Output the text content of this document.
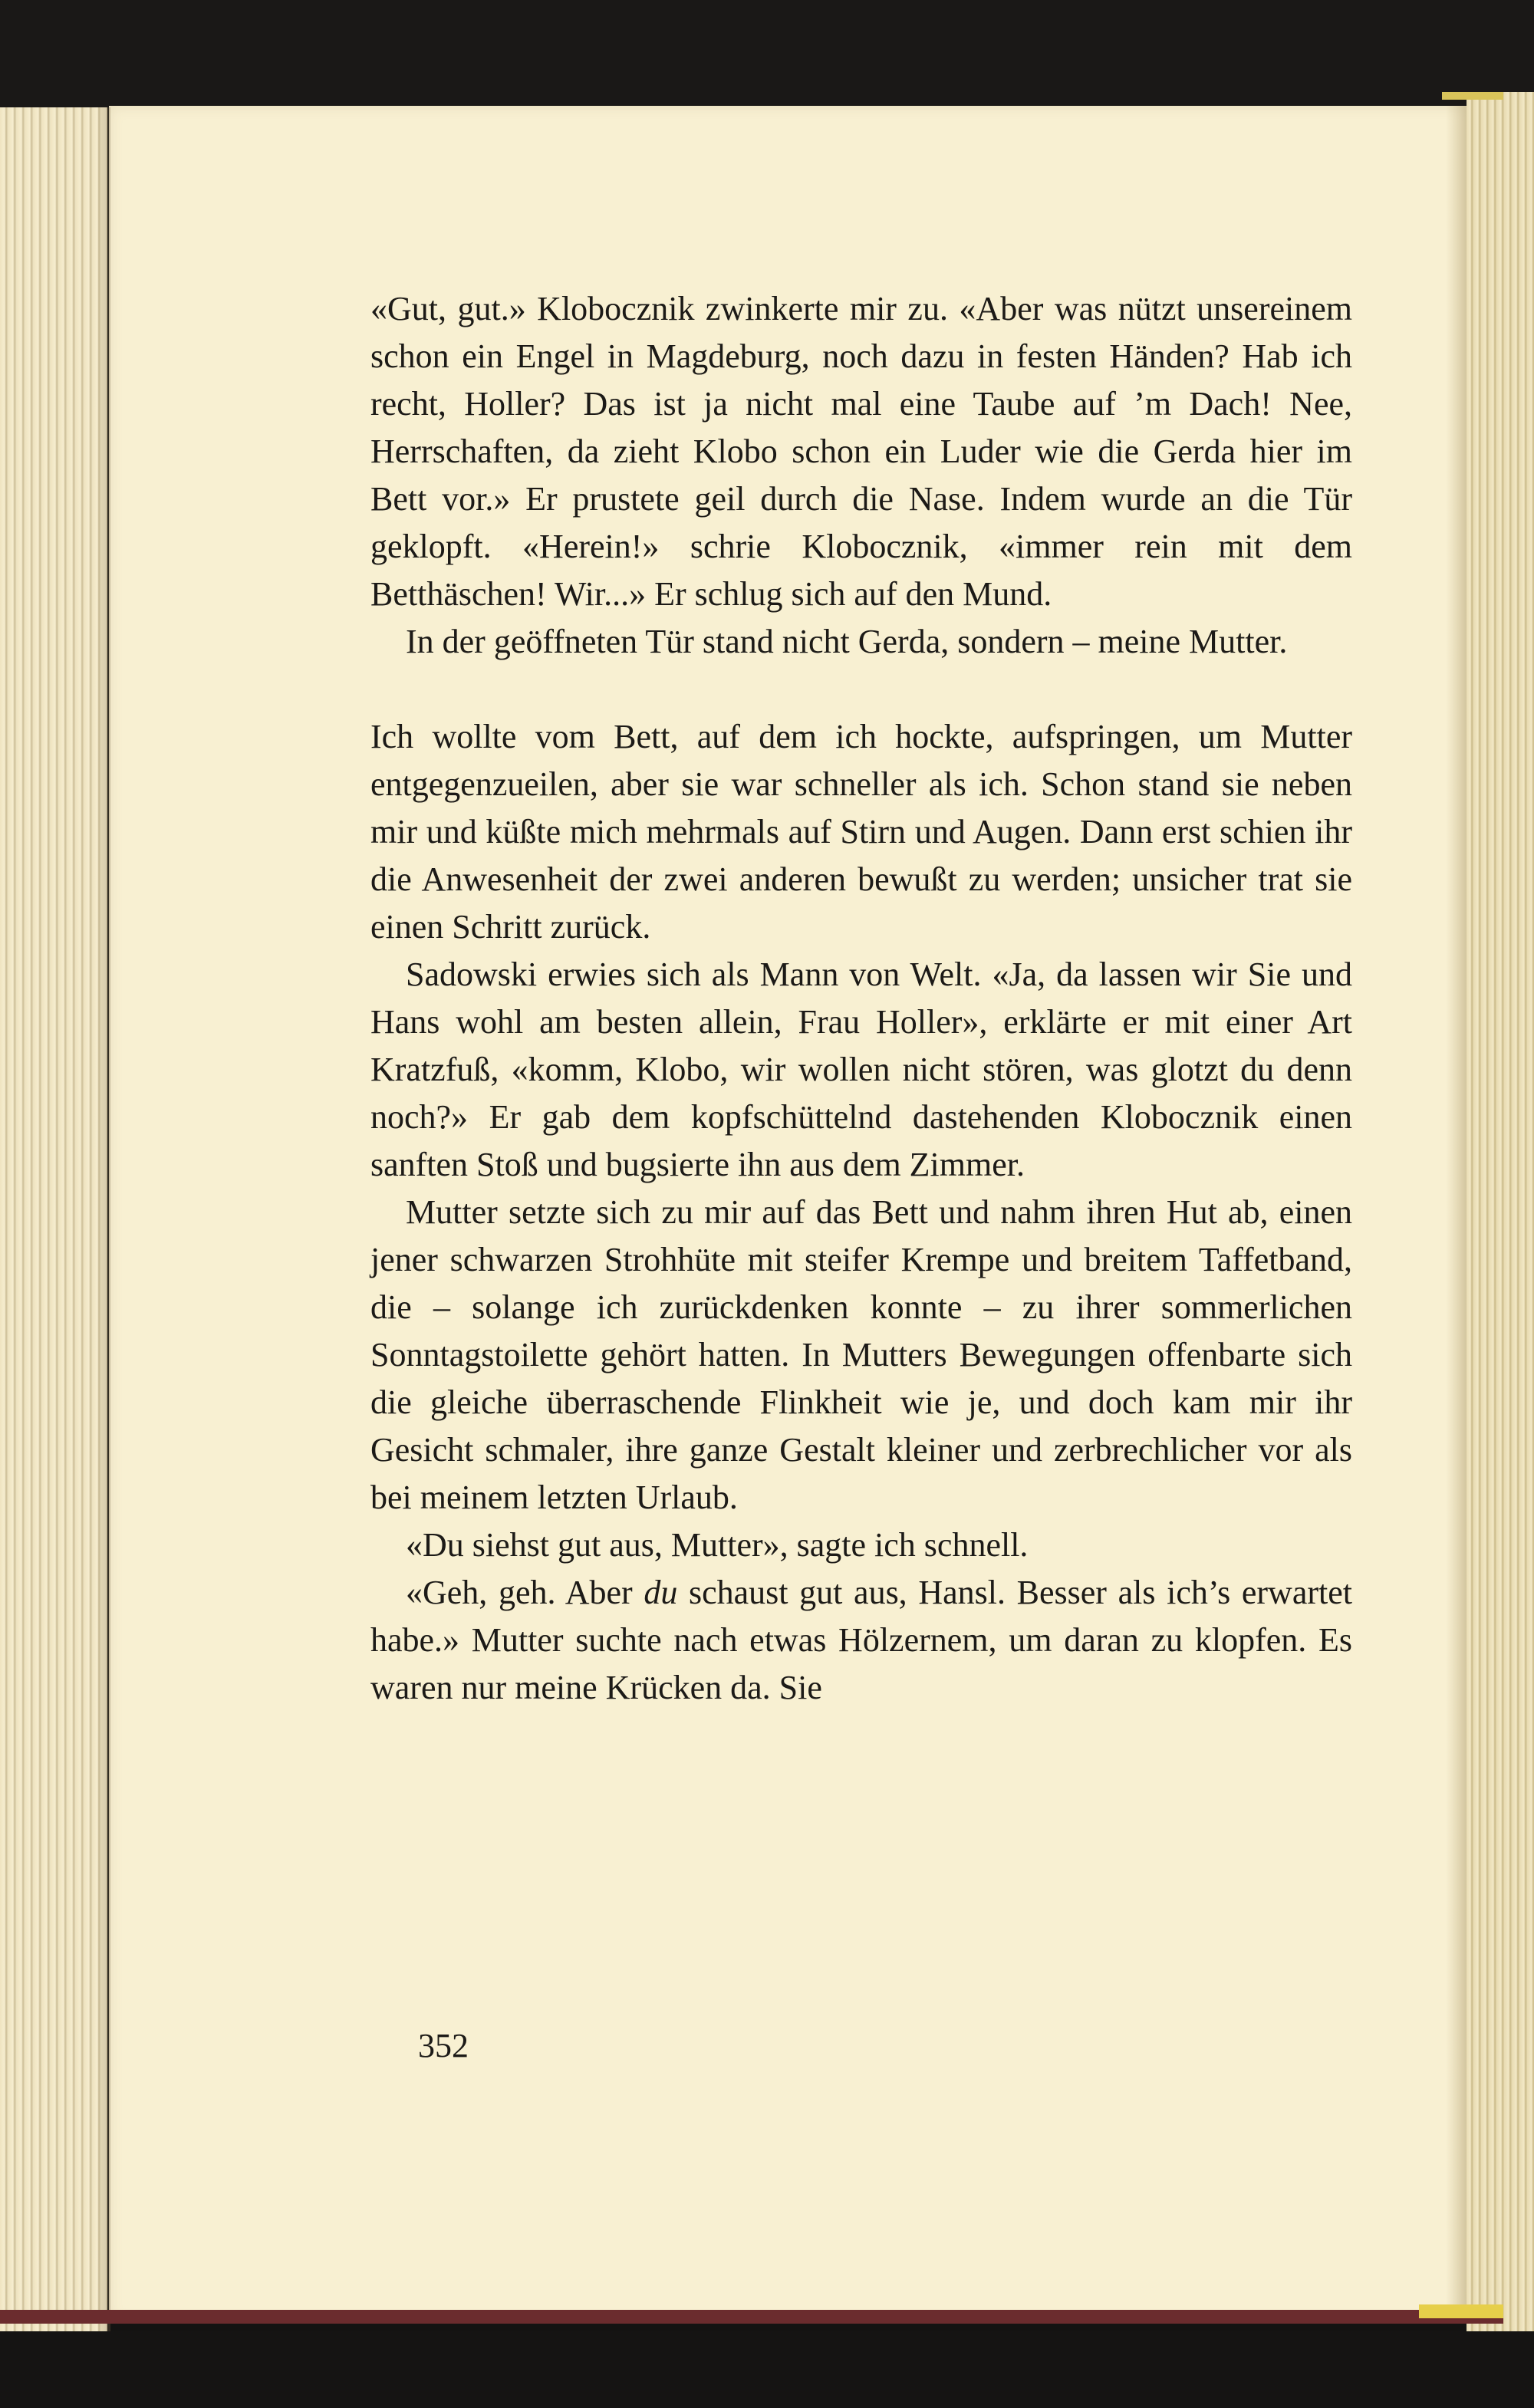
«Gut, gut.» Klobocznik zwinkerte mir zu. «Aber was nützt unsereinem schon ein Engel in Magdeburg, noch dazu in festen Händen? Hab ich recht, Holler? Das ist ja nicht mal eine Taube auf ’m Dach! Nee, Herrschaften, da zieht Klobo schon ein Luder wie die Gerda hier im Bett vor.» Er prustete geil durch die Nase. Indem wurde an die Tür geklopft. «Herein!» schrie Klobocznik, «immer rein mit dem Betthäschen! Wir...» Er schlug sich auf den Mund.

In der geöffneten Tür stand nicht Gerda, sondern – meine Mutter.

Ich wollte vom Bett, auf dem ich hockte, aufspringen, um Mutter entgegenzueilen, aber sie war schneller als ich. Schon stand sie neben mir und küßte mich mehrmals auf Stirn und Augen. Dann erst schien ihr die Anwesenheit der zwei anderen bewußt zu werden; unsicher trat sie einen Schritt zurück.

Sadowski erwies sich als Mann von Welt. «Ja, da lassen wir Sie und Hans wohl am besten allein, Frau Holler», erklärte er mit einer Art Kratzfuß, «komm, Klobo, wir wollen nicht stören, was glotzt du denn noch?» Er gab dem kopfschüttelnd dastehenden Klobocznik einen sanften Stoß und bugsierte ihn aus dem Zimmer.

Mutter setzte sich zu mir auf das Bett und nahm ihren Hut ab, einen jener schwarzen Strohhüte mit steifer Krempe und breitem Taffetband, die – solange ich zurückdenken konnte – zu ihrer sommerlichen Sonntagstoilette gehört hatten. In Mutters Bewegungen offenbarte sich die gleiche überraschende Flinkheit wie je, und doch kam mir ihr Gesicht schmaler, ihre ganze Gestalt kleiner und zerbrechlicher vor als bei meinem letzten Urlaub.

«Du siehst gut aus, Mutter», sagte ich schnell.

«Geh, geh. Aber du schaust gut aus, Hansl. Besser als ich’s erwartet habe.» Mutter suchte nach etwas Hölzernem, um daran zu klopfen. Es waren nur meine Krücken da. Sie

352
